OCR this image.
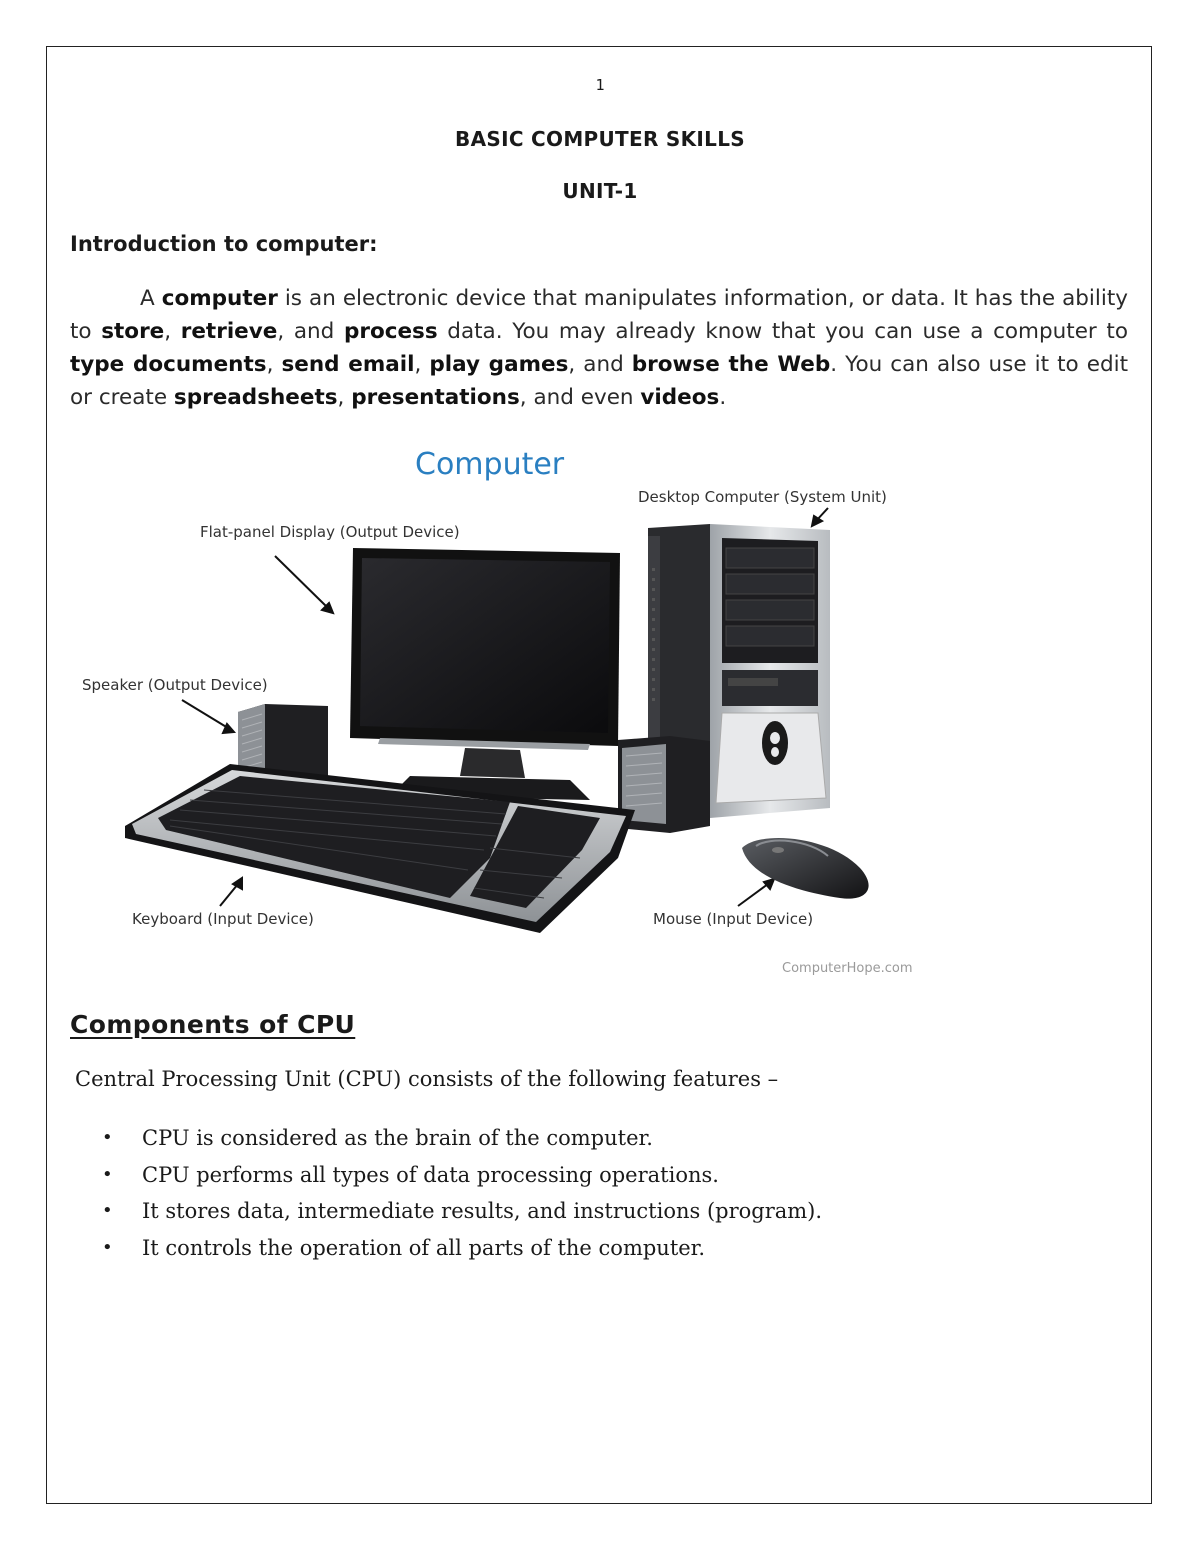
1
BASIC COMPUTER SKILLS
UNIT-1
Introduction to computer:

A computer is an electronic device that manipulates information, or data. It has the ability to store, retrieve, and process data. You may already know that you can use a computer to type documents, send email, play games, and browse the Web. You can also use it to edit or create spreadsheets, presentations, and even videos.

Computer
Desktop Computer (System Unit)
Flat-panel Display (Output Device)
Speaker (Output Device)
Keyboard (Input Device)	Mouse (Input Device)
ComputerHope.com
Components of CPU
Central Processing Unit (CPU) consists of the following features –
• CPU is considered as the brain of the computer.
• CPU performs all types of data processing operations.
• It stores data, intermediate results, and instructions (program).
• It controls the operation of all parts of the computer.
